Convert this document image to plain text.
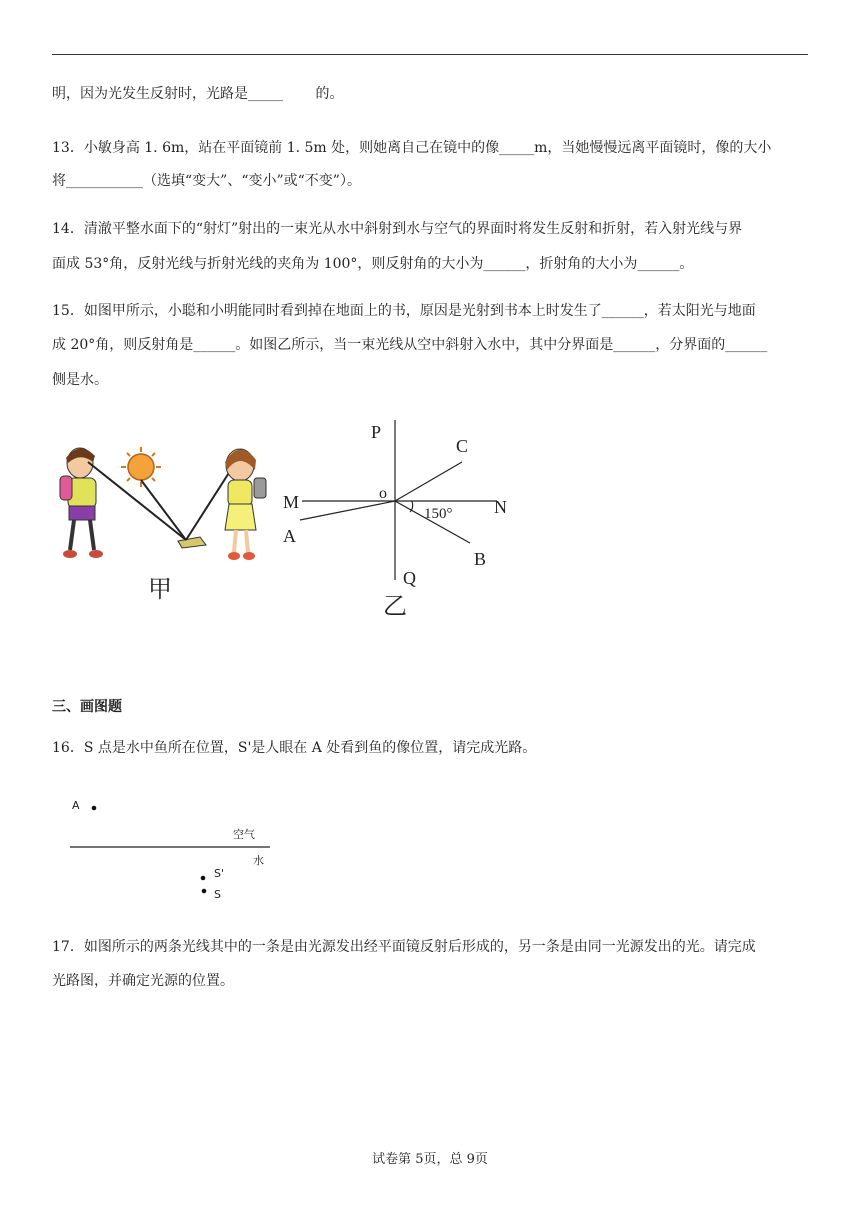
明，因为光发生反射时，光路是_____ 　　的。
13．小敏身高 1. 6m，站在平面镜前 1. 5m 处，则她离自己在镜中的像_____m，当她慢慢远离平面镜时，像的大小
将___________（选填“变大”、“变小”或“不变”）。
14．清澈平整水面下的“射灯”射出的一束光从水中斜射到水与空气的界面时将发生反射和折射，若入射光线与界
面成 53°角，反射光线与折射光线的夹角为 100°，则反射角的大小为______，折射角的大小为______。
15．如图甲所示，小聪和小明能同时看到掉在地面上的书，原因是光射到书本上时发生了______，若太阳光与地面
成 20°角，则反射角是______。如图乙所示，当一束光线从空中斜射入水中，其中分界面是______，分界面的______
侧是水。
甲
P
Q
M	N
o
A
B
C
150°
乙
A
空气
水
S'
S
三、画图题
16．S 点是水中鱼所在位置，S'是人眼在 A 处看到鱼的像位置，请完成光路。
17．如图所示的两条光线其中的一条是由光源发出经平面镜反射后形成的，另一条是由同一光源发出的光。请完成
光路图，并确定光源的位置。
试卷第 5页，总 9页
